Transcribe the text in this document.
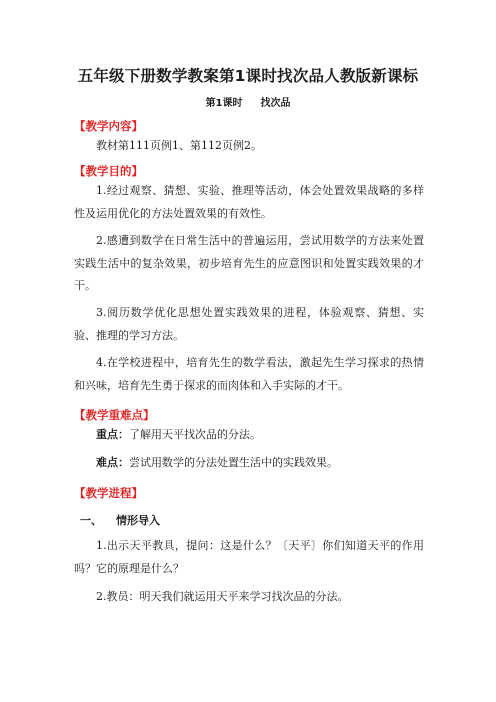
五年级下册数学教案第1课时找次品人教版新课标
第1课时 找次品
【教学内容】
教材第111页例1、第112页例2。
【教学目的】
1.经过观察、猜想、实验、推理等活动，体会处置效果战略的多样性及运用优化的方法处置效果的有效性。
2.感遭到数学在日常生活中的普遍运用，尝试用数学的方法来处置实践生活中的复杂效果，初步培育先生的应意图识和处置实践效果的才干。
3.阅历数学优化思想处置实践效果的进程，体验观察、猜想、实验、推理的学习方法。
4.在学校进程中，培育先生的数学看法，激起先生学习探求的热情和兴味，培育先生勇于探求的而肉体和入手实际的才干。
【教学重难点】
重点：了解用天平找次品的分法。
难点：尝试用数学的分法处置生活中的实践效果。
【教学进程】
一、 情形导入
1.出示天平教具，提问：这是什么？〔天平〕你们知道天平的作用吗？它的原理是什么？
2.教员：明天我们就运用天平来学习找次品的分法。
